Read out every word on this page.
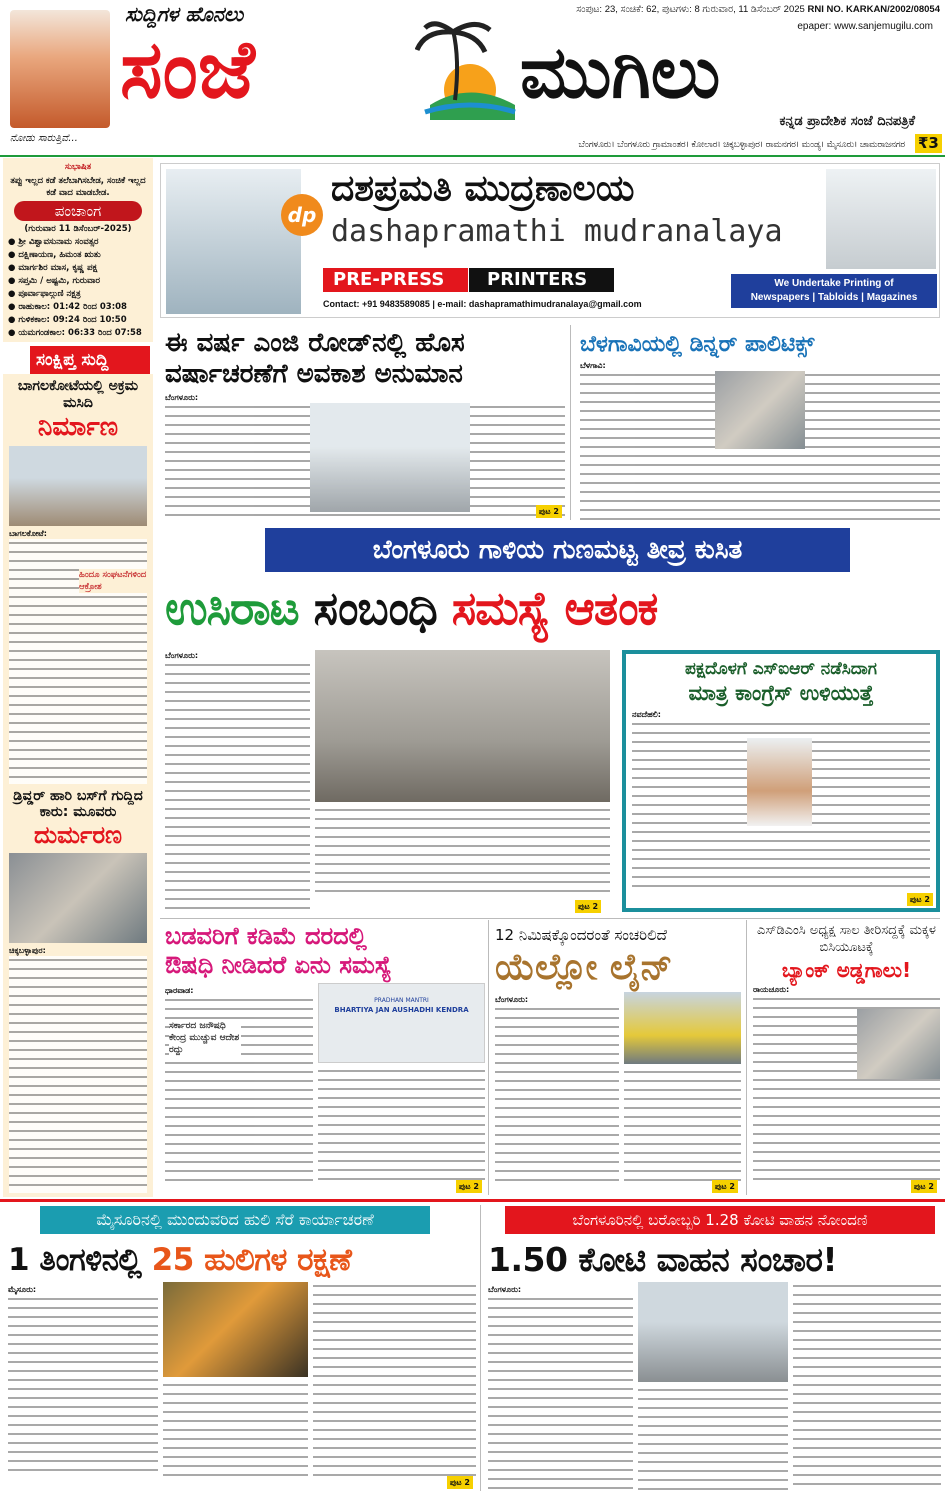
ನೋಡು ಸಾರುತ್ತಿವೆ...
ಸುದ್ದಿಗಳ ಹೊನಲು
ಸಂಜೆ	ಮುಗಿಲು
ಸಂಪುಟ: 23, ಸಂಚಿಕೆ: 62, ಪುಟಗಳು: 8 ಗುರುವಾರ, 11 ಡಿಸೆಂಬರ್ 2025 RNI NO. KARKAN/2002/08054
epaper: www.sanjemugilu.com
ಕನ್ನಡ ಪ್ರಾದೇಶಿಕ ಸಂಜೆ ದಿನಪತ್ರಿಕೆ
ಬೆಂಗಳೂರು। ಬೆಂಗಳೂರು ಗ್ರಾಮಾಂತರ। ಕೋಲಾರ। ಚಿಕ್ಕಬಳ್ಳಾಪುರ। ರಾಮನಗರ। ಮಂಡ್ಯ। ಮೈಸೂರು। ಚಾಮರಾಜನಗರ ₹3
ಸುಭಾಷಿತ
ತಪ್ಪು ಇಲ್ಲದ ಕಡೆ ತಲೆಬಾಗಿಸಬೇಡ, ಸಂಚಿಕೆ ಇಲ್ಲದ ಕಡೆ ವಾದ ಮಾಡಬೇಡ.
ಪಂಚಾಂಗ
(ಗುರುವಾರ 11 ಡಿಸೆಂಬರ್-2025)
● ಶ್ರೀ ವಿಶ್ವಾವಸುನಾಮ ಸಂವತ್ಸರ
● ದಕ್ಷಿಣಾಯಣ, ಹಿಮಂತ ಋತು
● ಮಾರ್ಗಶಿರ ಮಾಸ, ಕೃಷ್ಣ ಪಕ್ಷ
● ಸಪ್ತಮಿ / ಅಷ್ಟಮಿ, ಗುರುವಾರ
● ಪೂರ್ವಾಫಾಲ್ಗುಣಿ ನಕ್ಷತ್ರ
● ರಾಹುಕಾಲ: 01:42 ರಿಂದ 03:08
● ಗುಳಿಕಕಾಲ: 09:24 ರಿಂದ 10:50
● ಯಮಗಂಡಕಾಲ: 06:33 ರಿಂದ 07:58
ಸಂಕ್ಷಿಪ್ತ ಸುದ್ದಿ
ಬಾಗಲಕೋಟೆಯಲ್ಲಿ ಅಕ್ರಮ ಮಸಿದಿ
ನಿರ್ಮಾಣ
ಬಾಗಲಕೋಟೆ:
ಹಿಂದೂ ಸಂಘಟನೆಗಳಿಂದ ಆಕ್ರೋಶ
ಡ್ರಿವ್ಡರ್ ಹಾರಿ ಬಸ್‌ಗೆ ಗುದ್ದಿದ ಕಾರು: ಮೂವರು
ದುರ್ಮರಣ
ಚಿಕ್ಕಬಳ್ಳಾಪುರ:
dp
ದಶಪ್ರಮತಿ ಮುದ್ರಣಾಲಯ
dashapramathi mudranalaya
PRE-PRESS	PRINTERS
Contact: +91 9483589085 | e-mail: dashapramathimudranalaya@gmail.com
We Undertake Printing of
Newspapers | Tabloids | Magazines
ಈ ವರ್ಷ ಎಂಜಿ ರೋಡ್‌ನಲ್ಲಿ ಹೊಸ ವರ್ಷಾಚರಣೆಗೆ ಅವಕಾಶ ಅನುಮಾನ
ಬೆಂಗಳೂರು:
ಪುಟ 2
ಬೆಳಗಾವಿಯಲ್ಲಿ ಡಿನ್ನರ್ ಪಾಲಿಟಿಕ್ಸ್
ಬೆಳಗಾವಿ:
ಬೆಂಗಳೂರು ಗಾಳಿಯ ಗುಣಮಟ್ಟ ತೀವ್ರ ಕುಸಿತ
ಉಸಿರಾಟ ಸಂಬಂಧಿ ಸಮಸ್ಯೆ ಆತಂಕ
ಬೆಂಗಳೂರು:
ಪುಟ 2
ಪಕ್ಷದೊಳಗೆ ಎಸ್‌ಐಆರ್ ನಡೆಸಿದಾಗ
ಮಾತ್ರ ಕಾಂಗ್ರೆಸ್ ಉಳಿಯುತ್ತೆ
ನವದೆಹಲಿ:
ಪುಟ 2
ಬಡವರಿಗೆ ಕಡಿಮೆ ದರದಲ್ಲಿ
ಔಷಧಿ ನೀಡಿದರೆ ಏನು ಸಮಸ್ಯೆ
ಧಾರವಾಡ:
ಸರ್ಕಾರದ ಜನೌಷಧಿ ಕೇಂದ್ರ ಮುಚ್ಚುವ ಆದೇಶ ರದ್ದು
PRADHAN MANTRI
BHARTIYA JAN AUSHADHI KENDRA
ಪುಟ 2
12 ನಿಮಿಷಕ್ಕೊಂದರಂತೆ ಸಂಚರಿಲಿದೆ
ಯೆಲ್ಲೋ ಲೈನ್
ಬೆಂಗಳೂರು:
ಪುಟ 2
ಎಸ್‌ಡಿಎಂಸಿ ಅಧ್ಯಕ್ಷ ಸಾಲ ತೀರಿಸದ್ದಕ್ಕೆ ಮಕ್ಕಳ ಬಿಸಿಯೂಟಕ್ಕೆ
ಬ್ಯಾಂಕ್ ಅಡ್ಡಗಾಲು!
ರಾಯಚೂರು:
ಪುಟ 2
ಮೈಸೂರಿನಲ್ಲಿ ಮುಂದುವರಿದ ಹುಲಿ ಸೆರೆ ಕಾರ್ಯಾಚರಣೆ
1 ತಿಂಗಳಿನಲ್ಲಿ 25 ಹುಲಿಗಳ ರಕ್ಷಣೆ
ಮೈಸೂರು:
ಪುಟ 2
ಬೆಂಗಳೂರಿನಲ್ಲಿ ಬರೋಬ್ಬರಿ 1.28 ಕೋಟಿ ವಾಹನ ನೋಂದಣಿ
1.50 ಕೋಟಿ ವಾಹನ ಸಂಚಾರ!
ಬೆಂಗಳೂರು:
